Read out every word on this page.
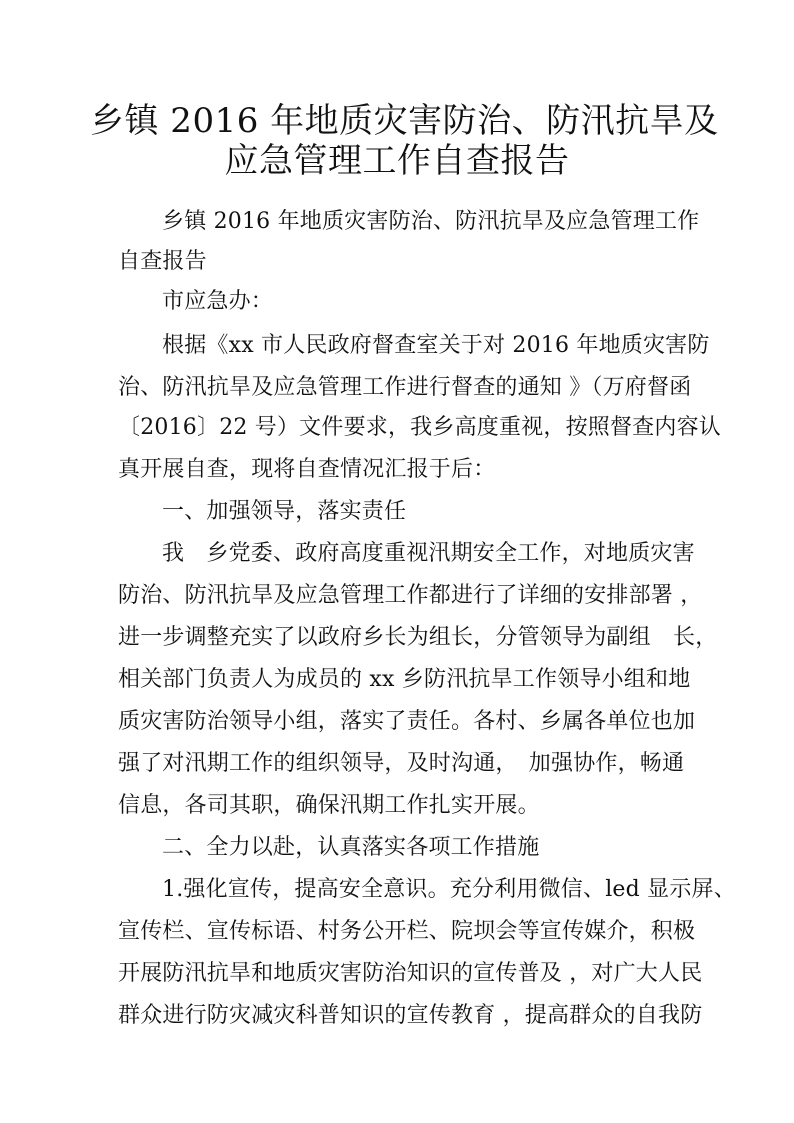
乡镇 2016 年地质灾害防治、防汛抗旱及
应急管理工作自查报告
乡镇 2016 年地质灾害防治、防汛抗旱及应急管理工作
自查报告
市应急办：
根据《xx 市人民政府督查室关于对 2016 年地质灾害防
治、防汛抗旱及应急管理工作进行督查的通知 》（万府督函
〔2016〕22 号）文件要求，我乡高度重视，按照督查内容认
真开展自查，现将自查情况汇报于后：
一、加强领导，落实责任
我　乡党委、政府高度重视汛期安全工作，对地质灾害
防治、防汛抗旱及应急管理工作都进行了详细的安排部署 ，
进一步调整充实了以政府乡长为组长，分管领导为副组　长，
相关部门负责人为成员的 xx 乡防汛抗旱工作领导小组和地
质灾害防治领导小组，落实了责任。各村、乡属各单位也加
强了对汛期工作的组织领导，及时沟通，　加强协作，畅通
信息，各司其职，确保汛期工作扎实开展。
二、全力以赴，认真落实各项工作措施
1.强化宣传，提高安全意识。充分利用微信、led 显示屏、
宣传栏、宣传标语、村务公开栏、院坝会等宣传媒介，积极
开展防汛抗旱和地质灾害防治知识的宣传普及 ，对广大人民
群众进行防灾减灾科普知识的宣传教育 ，提高群众的自我防
